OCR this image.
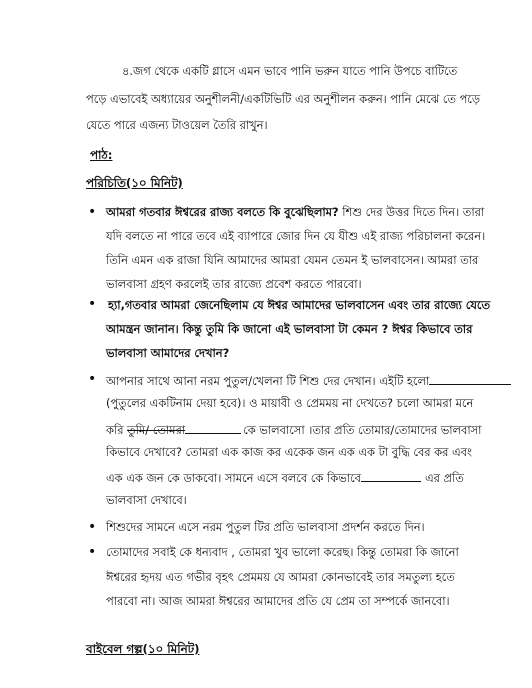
৪.জগ থেকে একটি গ্লাসে এমন ভাবে পানি ভরুন যাতে পানি উপচে বাটিতে
পড়ে এভাবেই অধ্যায়ের অনুশীলনী/একটিভিটি এর অনুশীলন করুন। পানি মেঝে তে পড়ে
যেতে পারে এজন্য টাওয়েল তৈরি রাখুন।
পাঠ:
পরিচিতি(১০ মিনিট)
• আমরা গতবার ঈশ্বরের রাজ্য বলতে কি বুঝেছিলাম? শিশু দের উত্তর দিতে দিন। তারা
যদি বলতে না পারে তবে এই ব্যাপারে জোর দিন যে যীশু এই রাজ্য পরিচালনা করেন।
তিনি এমন এক রাজা যিনি আমাদের আমরা যেমন তেমন ই ভালবাসেন। আমরা তার
ভালবাসা গ্রহণ করলেই তার রাজ্যে প্রবেশ করতে পারবো।
• হ্যা,গতবার আমরা জেনেছিলাম যে ঈশ্বর আমাদের ভালবাসেন এবং তার রাজ্যে যেতে
আমন্ত্রন জানান। কিন্তু তুমি কি জানো এই ভালবাসা টা কেমন ? ঈশ্বর কিভাবে তার
ভালবাসা আমাদের দেখান?
• আপনার সাথে আনা নরম পুতুল/খেলনা টি শিশু দের দেখান। এইটি হলো
(পুতুলের একটিনাম দেয়া হবে)। ও মায়াবী ও প্রেমময় না দেখতে? চলো আমরা মনে
করি তুমি/ তোমরা	কে ভালবাসো ।তার প্রতি তোমার/তোমাদের ভালবাসা
কিভাবে দেখাবে? তোমরা এক কাজ কর একেক জন এক এক টা বুদ্ধি বের কর এবং
এক এক জন কে ডাকবো। সামনে এসে বলবে কে কিভাবে	এর প্রতি
ভালবাসা দেখাবে।
• শিশুদের সামনে এসে নরম পুতুল টির প্রতি ভালবাসা প্রদর্শন করতে দিন।
• তোমাদের সবাই কে ধন্যবাদ , তোমরা খুব ভালো করেছ। কিন্তু তোমরা কি জানো
ঈশ্বরের হৃদয় এত গভীর বৃহৎ প্রেমময় যে আমরা কোনভাবেই তার সমতুল্য হতে
পারবো না। আজ আমরা ঈশ্বরের আমাদের প্রতি যে প্রেম তা সম্পর্কে জানবো।
বাইবেল গল্প(১০ মিনিট)
